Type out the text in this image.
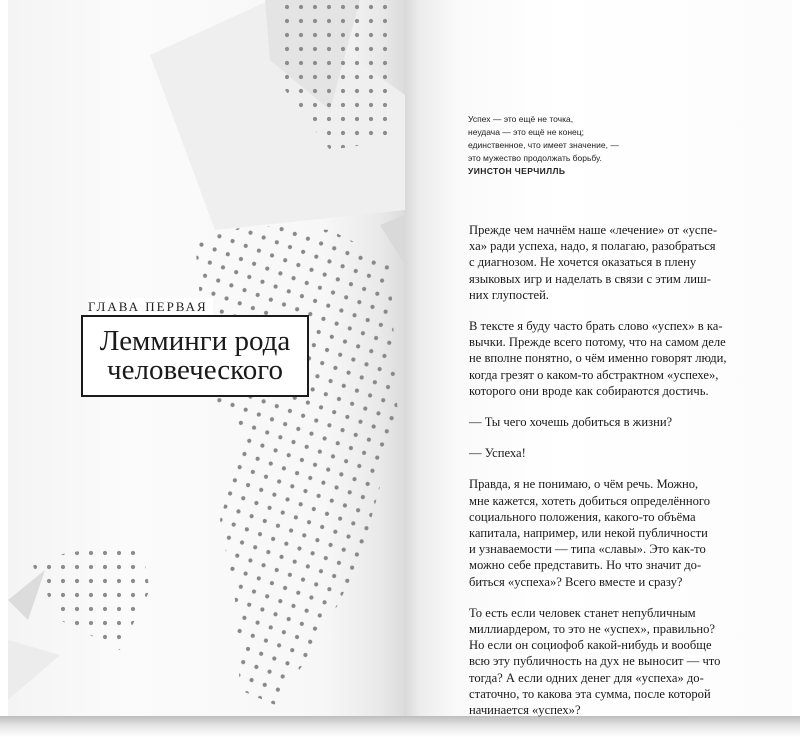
ГЛАВА ПЕРВАЯ
Лемминги рода
человеческого
Успех — это ещё не точка,
неудача — это ещё не конец;
единственное, что имеет значение, —
это мужество продолжать борьбу.
УИНСТОН ЧЕРЧИЛЛЬ

Прежде чем начнём наше «лечение» от «успе-
ха» ради успеха, надо, я полагаю, разобраться
с диагнозом. Не хочется оказаться в плену
языковых игр и наделать в связи с этим лиш-
них глупостей.

В тексте я буду часто брать слово «успех» в ка-
вычки. Прежде всего потому, что на самом деле
не вполне понятно, о чём именно говорят люди,
когда грезят о каком-то абстрактном «успехе»,
которого они вроде как собираются достичь.

— Ты чего хочешь добиться в жизни?

— Успеха!

Правда, я не понимаю, о чём речь. Можно,
мне кажется, хотеть добиться определённого
социального положения, какого-то объёма
капитала, например, или некой публичности
и узнаваемости — типа «славы». Это как-то
можно себе представить. Но что значит до-
биться «успеха»? Всего вместе и сразу?

То есть если человек станет непубличным
миллиардером, то это не «успех», правильно?
Но если он социофоб какой-нибудь и вообще
всю эту публичность на дух не выносит — что
тогда? А если одних денег для «успеха» до-
статочно, то какова эта сумма, после которой
начинается «успех»?
